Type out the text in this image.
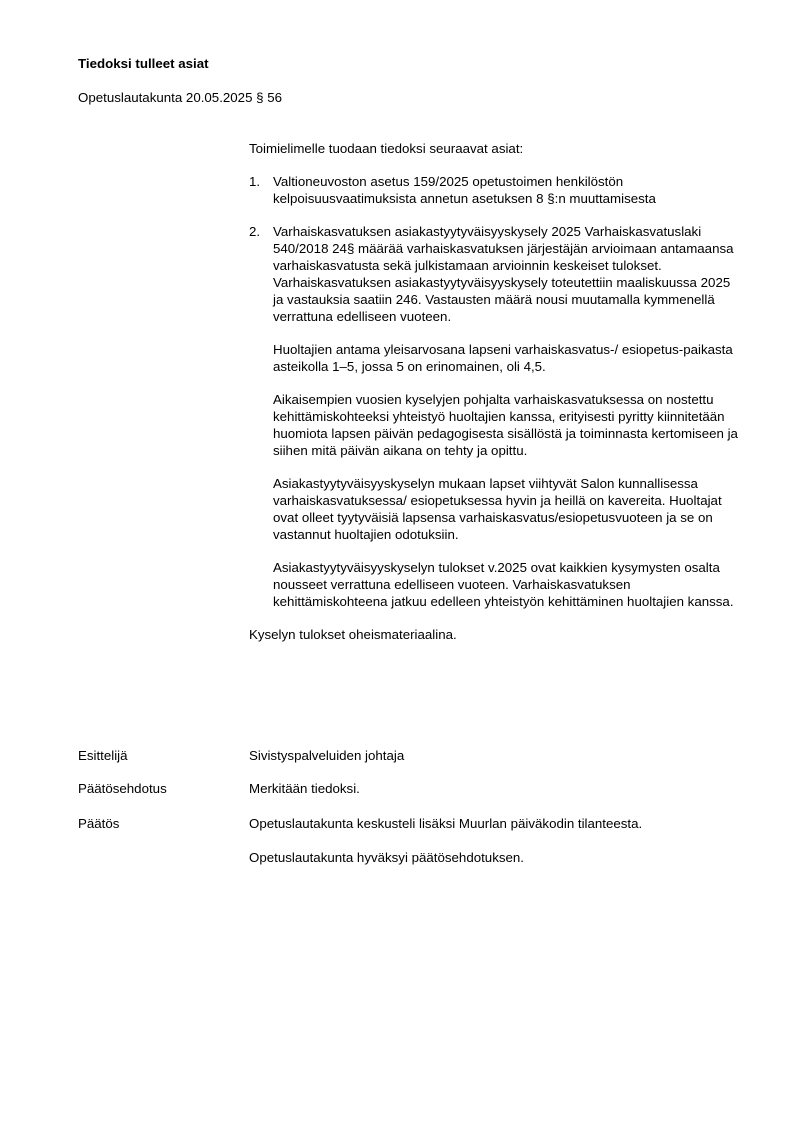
Tiedoksi tulleet asiat
Opetuslautakunta 20.05.2025 § 56

Toimielimelle tuodaan tiedoksi seuraavat asiat:

1. Valtioneuvoston asetus 159/2025 opetustoimen henkilöstön kelpoisuusvaatimuksista annetun asetuksen 8 §:n muuttamisesta

2. Varhaiskasvatuksen asiakastyytyväisyyskysely 2025 Varhaiskasvatuslaki 540/2018 24§ määrää varhaiskasvatuksen järjestäjän arvioimaan antamaansa varhaiskasvatusta sekä julkistamaan arvioinnin keskeiset tulokset. Varhaiskasvatuksen asiakastyytyväisyyskysely toteutettiin maaliskuussa 2025 ja vastauksia saatiin 246. Vastausten määrä nousi muutamalla kymmenellä verrattuna edelliseen vuoteen.

Huoltajien antama yleisarvosana lapseni varhaiskasvatus-/ esiopetus-paikasta asteikolla 1–5, jossa 5 on erinomainen, oli 4,5.

Aikaisempien vuosien kyselyjen pohjalta varhaiskasvatuksessa on nostettu kehittämiskohteeksi yhteistyö huoltajien kanssa, erityisesti pyritty kiinnitetään huomiota lapsen päivän pedagogisesta sisällöstä ja toiminnasta kertomiseen ja siihen mitä päivän aikana on tehty ja opittu.

Asiakastyytyväisyyskyselyn mukaan lapset viihtyvät Salon kunnallisessa varhaiskasvatuksessa/ esiopetuksessa hyvin ja heillä on kavereita. Huoltajat ovat olleet tyytyväisiä lapsensa varhaiskasvatus/esiopetusvuoteen ja se on vastannut huoltajien odotuksiin.

Asiakastyytyväisyyskyselyn tulokset v.2025 ovat kaikkien kysymysten osalta nousseet verrattuna edelliseen vuoteen. Varhaiskasvatuksen kehittämiskohteena jatkuu edelleen yhteistyön kehittäminen huoltajien kanssa.

Kyselyn tulokset oheismateriaalina.

Esittelijä	Sivistyspalveluiden johtaja
Päätösehdotus	Merkitään tiedoksi.
Päätös	Opetuslautakunta keskusteli lisäksi Muurlan päiväkodin tilanteesta.
Opetuslautakunta hyväksyi päätösehdotuksen.
